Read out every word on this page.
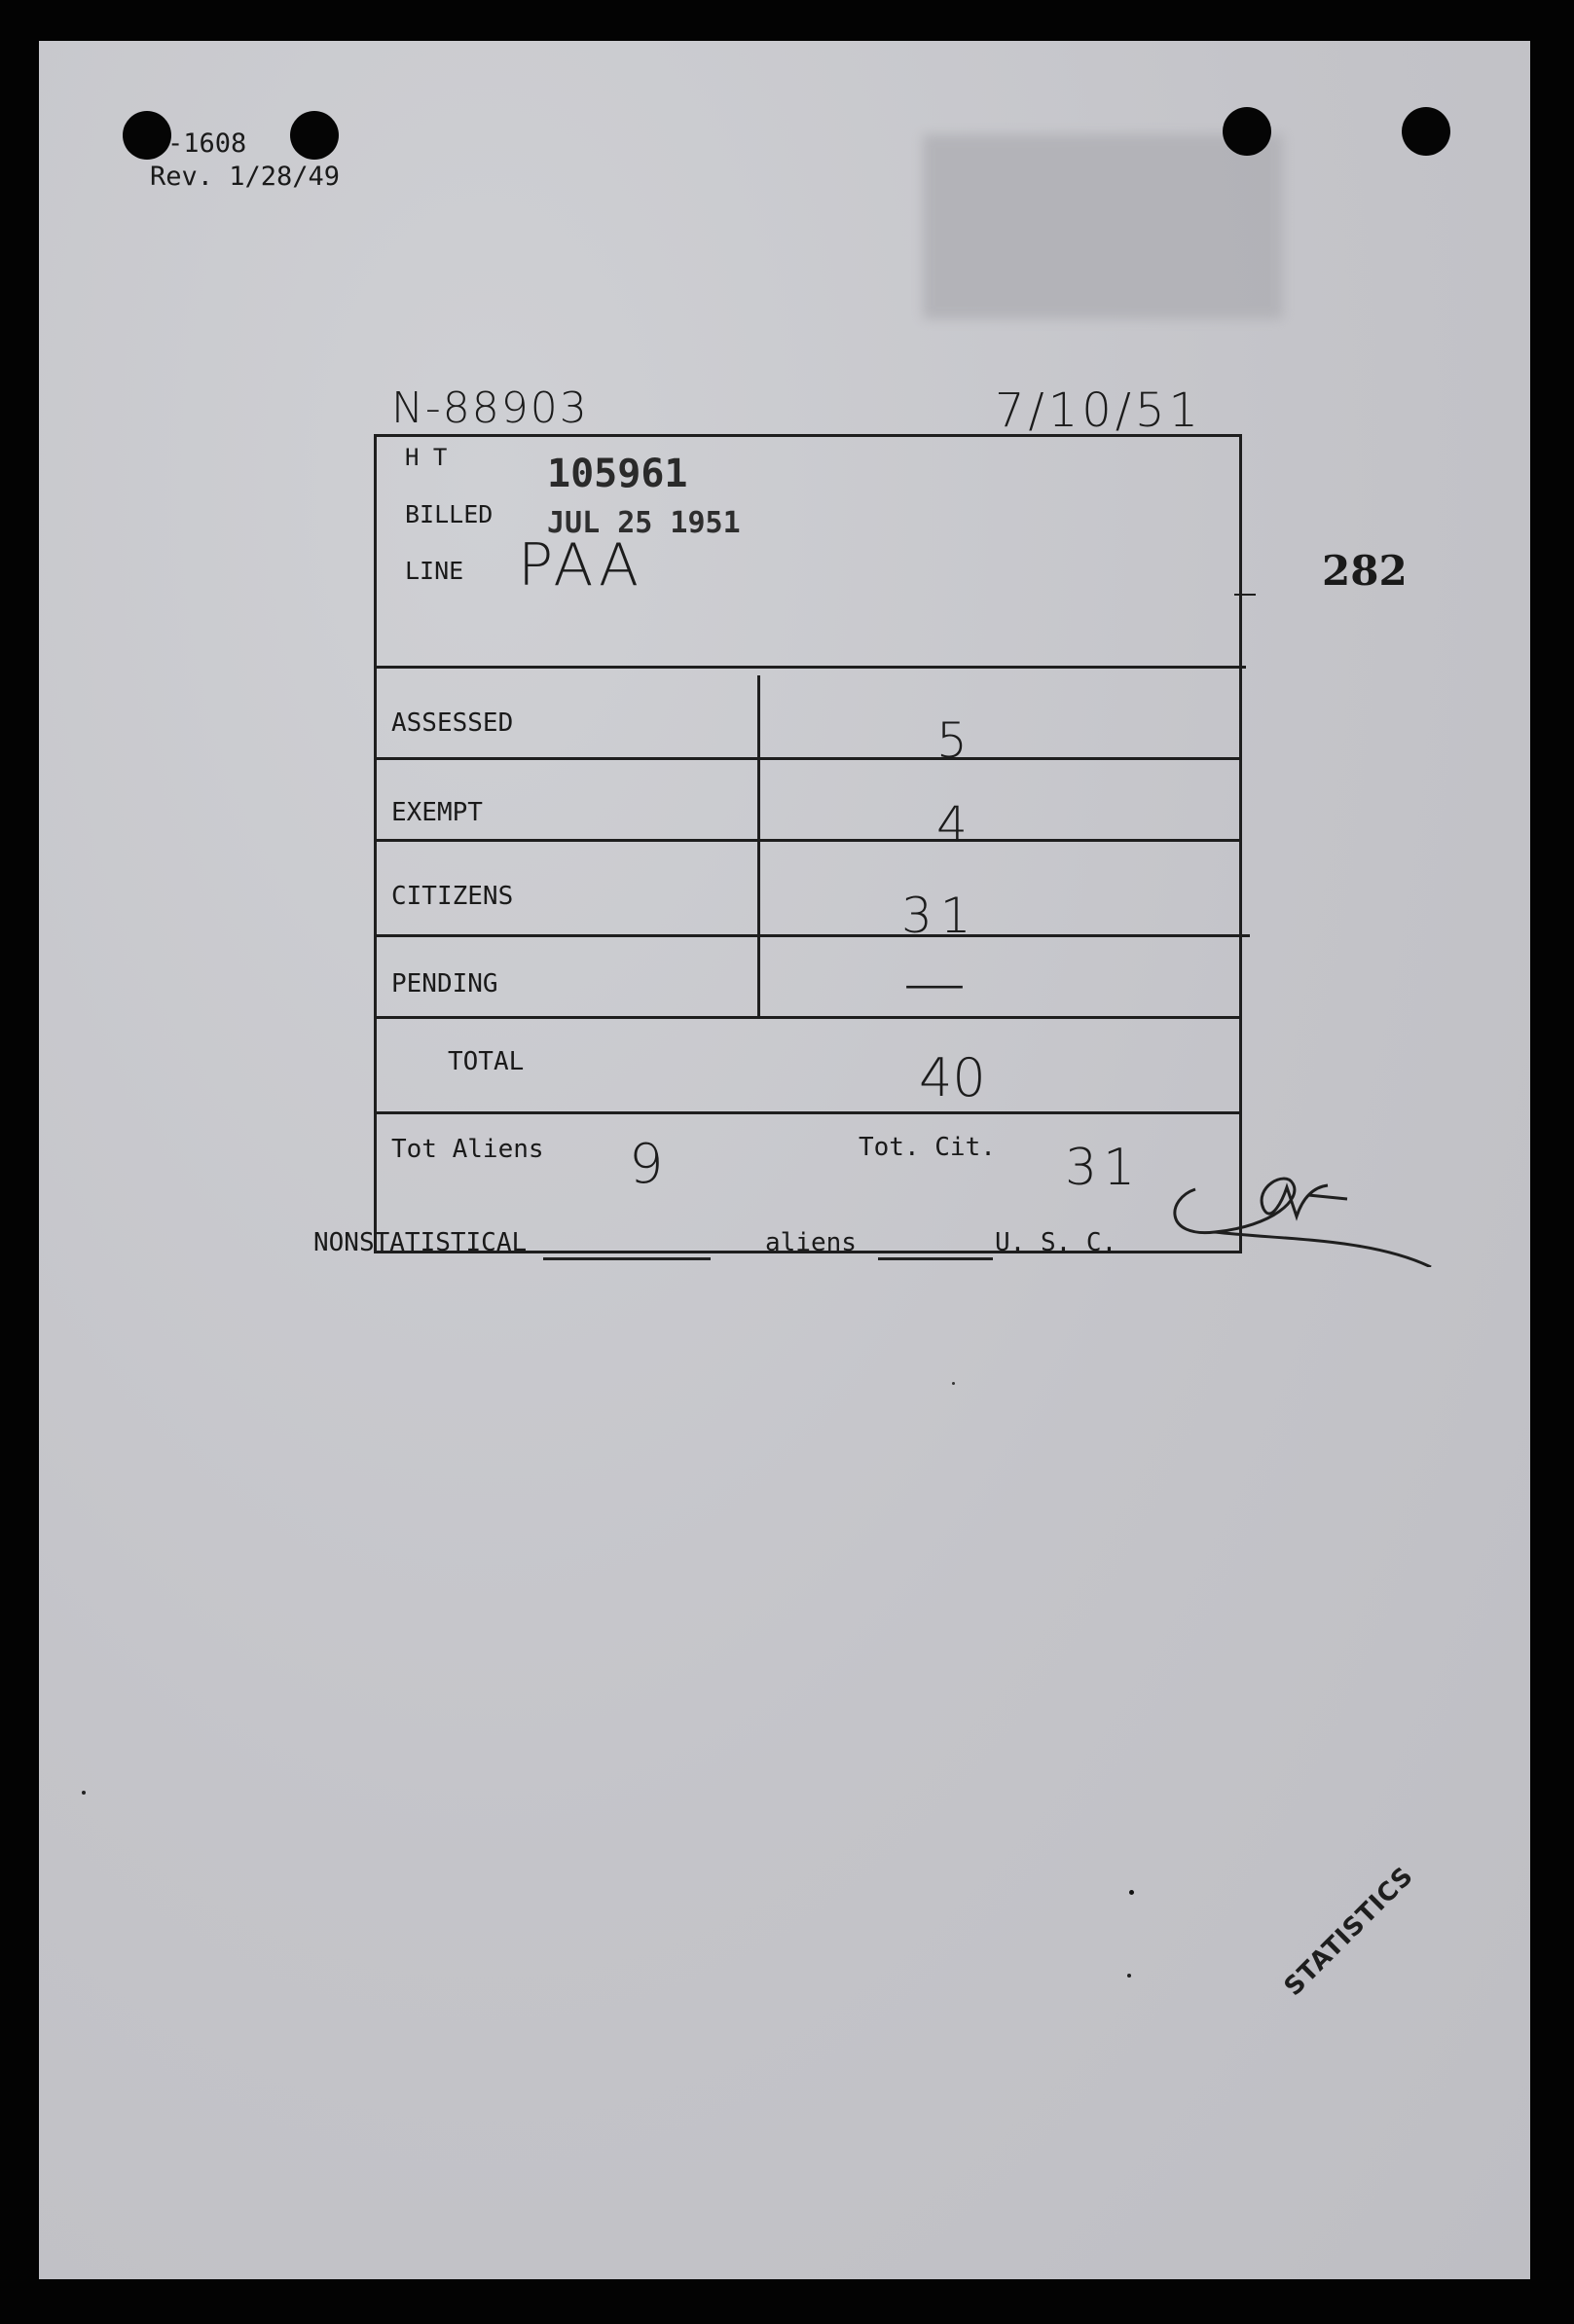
-1608
Rev. 1/28/49
N-88903	7/10/51
282
H T	105961
BILLED JUL 25 1951
LINE PAA
ASSESSED	5
EXEMPT	4
CITIZENS	31
PENDING	—
TOTAL	40
Tot Aliens 9	Tot. Cit. 31
NONSTATISTICAL	aliens	U. S. C.
STATISTICS
